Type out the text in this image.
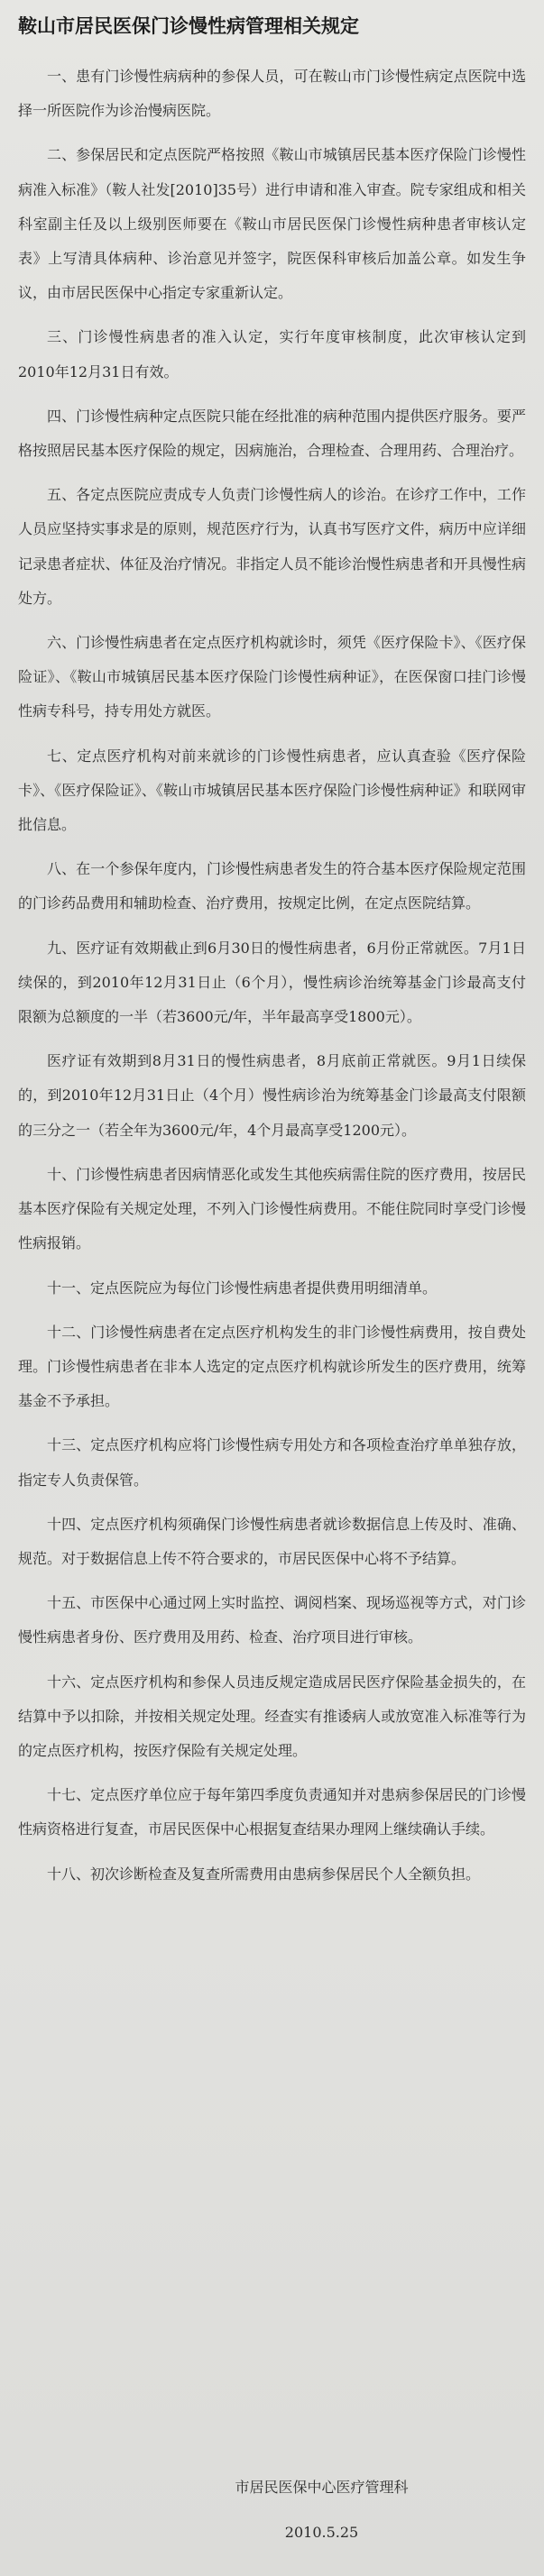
鞍山市居民医保门诊慢性病管理相关规定

一、患有门诊慢性病病种的参保人员，可在鞍山市门诊慢性病定点医院中选择一所医院作为诊治慢病医院。

二、参保居民和定点医院严格按照《鞍山市城镇居民基本医疗保险门诊慢性病准入标准》（鞍人社发[2010]35号）进行申请和准入审查。院专家组成和相关科室副主任及以上级别医师要在《鞍山市居民医保门诊慢性病种患者审核认定表》上写清具体病种、诊治意见并签字，院医保科审核后加盖公章。如发生争议，由市居民医保中心指定专家重新认定。

三、门诊慢性病患者的准入认定，实行年度审核制度，此次审核认定到2010年12月31日有效。

四、门诊慢性病种定点医院只能在经批准的病种范围内提供医疗服务。要严格按照居民基本医疗保险的规定，因病施治，合理检查、合理用药、合理治疗。

五、各定点医院应责成专人负责门诊慢性病人的诊治。在诊疗工作中，工作人员应坚持实事求是的原则，规范医疗行为，认真书写医疗文件，病历中应详细记录患者症状、体征及治疗情况。非指定人员不能诊治慢性病患者和开具慢性病处方。

六、门诊慢性病患者在定点医疗机构就诊时，须凭《医疗保险卡》、《医疗保险证》、《鞍山市城镇居民基本医疗保险门诊慢性病种证》，在医保窗口挂门诊慢性病专科号，持专用处方就医。

七、定点医疗机构对前来就诊的门诊慢性病患者，应认真查验《医疗保险卡》、《医疗保险证》、《鞍山市城镇居民基本医疗保险门诊慢性病种证》和联网审批信息。

八、在一个参保年度内，门诊慢性病患者发生的符合基本医疗保险规定范围的门诊药品费用和辅助检查、治疗费用，按规定比例，在定点医院结算。

九、医疗证有效期截止到6月30日的慢性病患者，6月份正常就医。7月1日续保的，到2010年12月31日止（6个月），慢性病诊治统筹基金门诊最高支付限额为总额度的一半（若3600元/年，半年最高享受1800元）。

医疗证有效期到8月31日的慢性病患者，8月底前正常就医。9月1日续保的，到2010年12月31日止（4个月）慢性病诊治为统筹基金门诊最高支付限额的三分之一（若全年为3600元/年，4个月最高享受1200元）。

十、门诊慢性病患者因病情恶化或发生其他疾病需住院的医疗费用，按居民基本医疗保险有关规定处理，不列入门诊慢性病费用。不能住院同时享受门诊慢性病报销。

十一、定点医院应为每位门诊慢性病患者提供费用明细清单。

十二、门诊慢性病患者在定点医疗机构发生的非门诊慢性病费用，按自费处理。门诊慢性病患者在非本人选定的定点医疗机构就诊所发生的医疗费用，统筹基金不予承担。

十三、定点医疗机构应将门诊慢性病专用处方和各项检查治疗单单独存放，指定专人负责保管。

十四、定点医疗机构须确保门诊慢性病患者就诊数据信息上传及时、准确、规范。对于数据信息上传不符合要求的，市居民医保中心将不予结算。

十五、市医保中心通过网上实时监控、调阅档案、现场巡视等方式，对门诊慢性病患者身份、医疗费用及用药、检查、治疗项目进行审核。

十六、定点医疗机构和参保人员违反规定造成居民医疗保险基金损失的，在结算中予以扣除，并按相关规定处理。经查实有推诿病人或放宽准入标准等行为的定点医疗机构，按医疗保险有关规定处理。

十七、定点医疗单位应于每年第四季度负责通知并对患病参保居民的门诊慢性病资格进行复查，市居民医保中心根据复查结果办理网上继续确认手续。

十八、初次诊断检查及复查所需费用由患病参保居民个人全额负担。

市居民医保中心医疗管理科
2010.5.25
